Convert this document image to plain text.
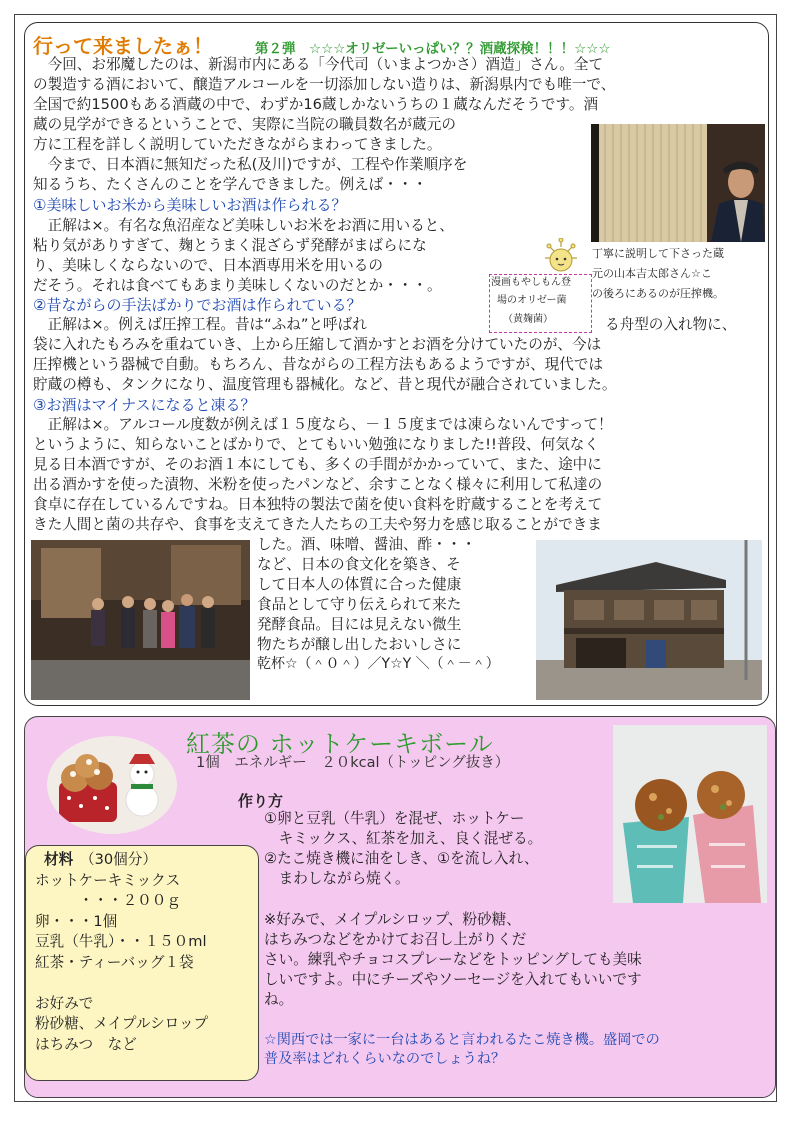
行って来ましたぁ！	第２弾　☆☆☆オリゼーいっぱい？？酒蔵探検！！！☆☆☆
　今回、お邪魔したのは、新潟市内にある「今代司（いまよつかさ）酒造」さん。全て
の製造する酒において、醸造アルコールを一切添加しない造りは、新潟県内でも唯一で、
全国で約1500もある酒蔵の中で、わずか16蔵しかないうちの１蔵なんだそうです。酒
蔵の見学ができるということで、実際に当院の職員数名が蔵元の
方に工程を詳しく説明していただきながらまわってきました。
　今まで、日本酒に無知だった私(及川)ですが、工程や作業順序を
知るうち、たくさんのことを学んできました。例えば・・・
丁寧に説明して下さった蔵
元の山本吉太郎さん☆こ
の後ろにあるのが圧搾機。
①美味しいお米から美味しいお酒は作られる？
　正解は×。有名な魚沼産など美味しいお米をお酒に用いると、
粘り気がありすぎて、麹とうまく混ざらず発酵がまばらにな
り、美味しくならないので、日本酒専用米を用いるの
だそう。それは食べてもあまり美味しくないのだとか・・・。	漫画もやしもん登
場のオリゼー菌
（黄麹菌）
②昔ながらの手法ばかりでお酒は作られている？
　正解は×。例えば圧搾工程。昔は“ふね”と呼ばれ	る舟型の入れ物に、
袋に入れたもろみを重ねていき、上から圧縮して酒かすとお酒を分けていたのが、今は
圧搾機という器械で自動。もちろん、昔ながらの工程方法もあるようですが、現代では
貯蔵の樽も、タンクになり、温度管理も器械化。など、昔と現代が融合されていました。
③お酒はマイナスになると凍る？
　正解は×。アルコール度数が例えば１５度なら、－１５度までは凍らないんですって！
というように、知らないことばかりで、とてもいい勉強になりました!!普段、何気なく
見る日本酒ですが、そのお酒１本にしても、多くの手間がかかっていて、また、途中に
出る酒かすを使った漬物、米粉を使ったパンなど、余すことなく様々に利用して私達の
食卓に存在しているんですね。日本独特の製法で菌を使い食料を貯蔵することを考えて
きた人間と菌の共存や、食事を支えてきた人たちの工夫や努力を感じ取ることができま
した。酒、味噌、醤油、酢・・・
など、日本の食文化を築き、そ
して日本人の体質に合った健康
食品として守り伝えられて来た
発酵食品。目には見えない微生
物たちが醸し出したおいしさに
乾杯☆（＾０＾）／Y☆Y ＼（＾－＾）
紅茶の ホットケーキボール
1個　エネルギー　２０kcal（トッピング抜き）
作り方
①卵と豆乳（牛乳）を混ぜ、ホットケー
　キミックス、紅茶を加え、良く混ぜる。
②たこ焼き機に油をしき、①を流し入れ、
　まわしながら焼く。
※好みで、メイプルシロップ、粉砂糖、
はちみつなどをかけてお召し上がりくだ
さい。練乳やチョコスプレーなどをトッピングしても美味
しいですよ。中にチーズやソーセージを入れてもいいです
ね。
☆関西では一家に一台はあると言われるたこ焼き機。盛岡での
普及率はどれくらいなのでしょうね？
材料 （30個分）
ホットケーキミックス
　　　・・・２００ｇ
卵・・・1個
豆乳（牛乳）・・１５０ml
紅茶・ティーバッグ１袋
お好みで
粉砂糖、メイプルシロップ
はちみつ　など
